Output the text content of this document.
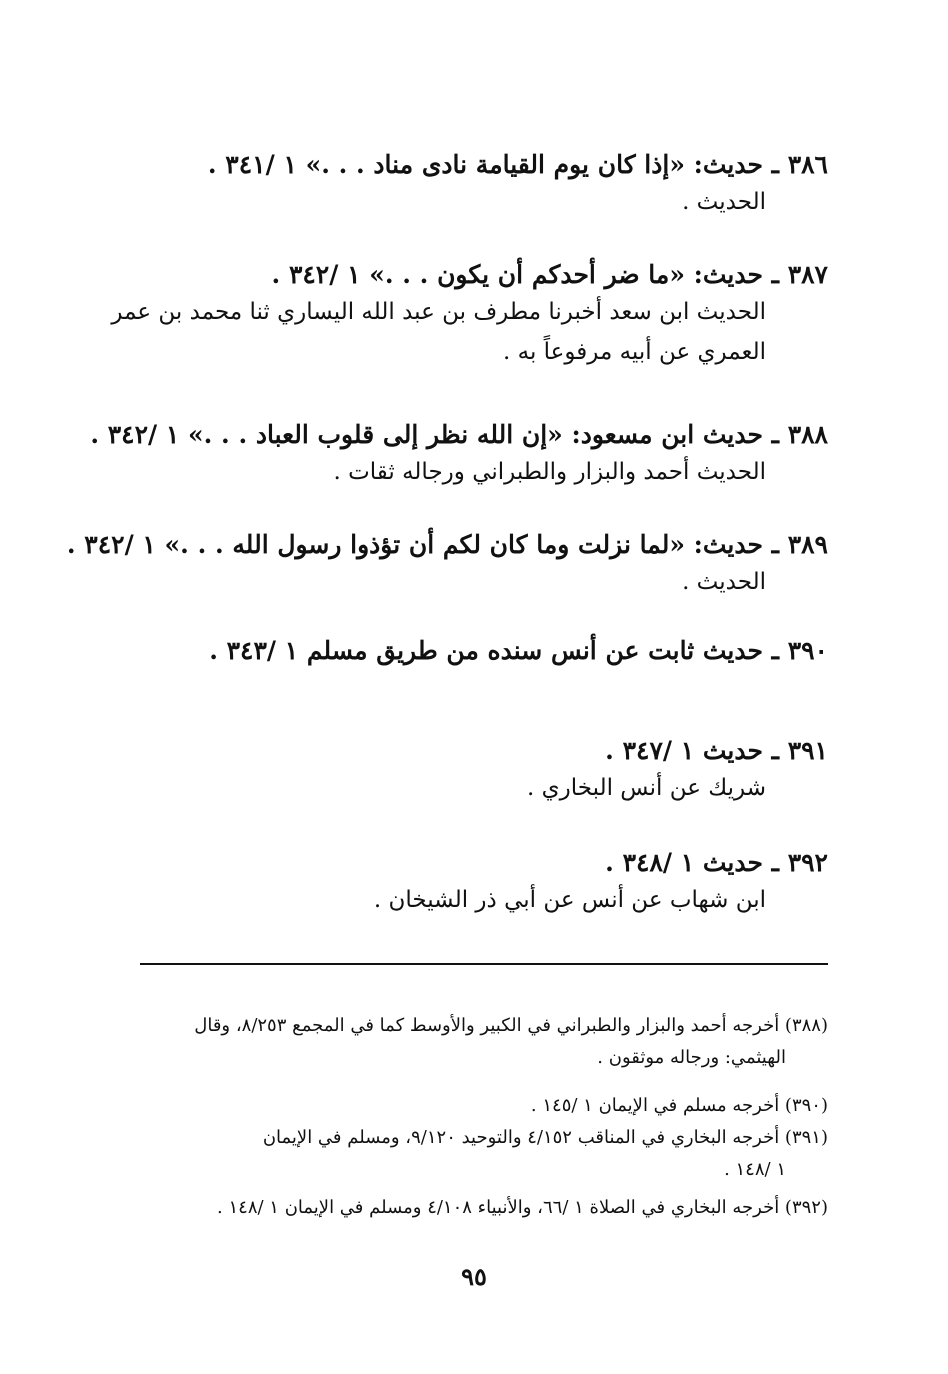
٣٨٦ ـ حديث: «إذا كان يوم القيامة نادى مناد . . .» ١ /٣٤١ .
الحديث .
٣٨٧ ـ حديث: «ما ضر أحدكم أن يكون . . .» ١ /٣٤٢ .
الحديث ابن سعد أخبرنا مطرف بن عبد الله اليساري ثنا محمد بن عمر
العمري عن أبيه مرفوعاً به .
٣٨٨ ـ حديث ابن مسعود: «إن الله نظر إلى قلوب العباد . . .» ١ /٣٤٢ .
الحديث أحمد والبزار والطبراني ورجاله ثقات .
٣٨٩ ـ حديث: «لما نزلت وما كان لكم أن تؤذوا رسول الله . . .» ١ /٣٤٢ .
الحديث .
٣٩٠ ـ حديث ثابت عن أنس سنده من طريق مسلم ١ /٣٤٣ .
٣٩١ ـ حديث ١ /٣٤٧ .
شريك عن أنس البخاري .
٣٩٢ ـ حديث ١ /٣٤٨ .
ابن شهاب عن أنس عن أبي ذر الشيخان .
(٣٨٨) أخرجه أحمد والبزار والطبراني في الكبير والأوسط كما في المجمع ٨/٢٥٣، وقال
الهيثمي: ورجاله موثقون .
(٣٩٠) أخرجه مسلم في الإيمان ١ /١٤٥ .
(٣٩١) أخرجه البخاري في المناقب ٤/١٥٢ والتوحيد ٩/١٢٠، ومسلم في الإيمان
١ /١٤٨ .
(٣٩٢) أخرجه البخاري في الصلاة ١ /٦٦، والأنبياء ٤/١٠٨ ومسلم في الإيمان ١ /١٤٨ .
٩٥
